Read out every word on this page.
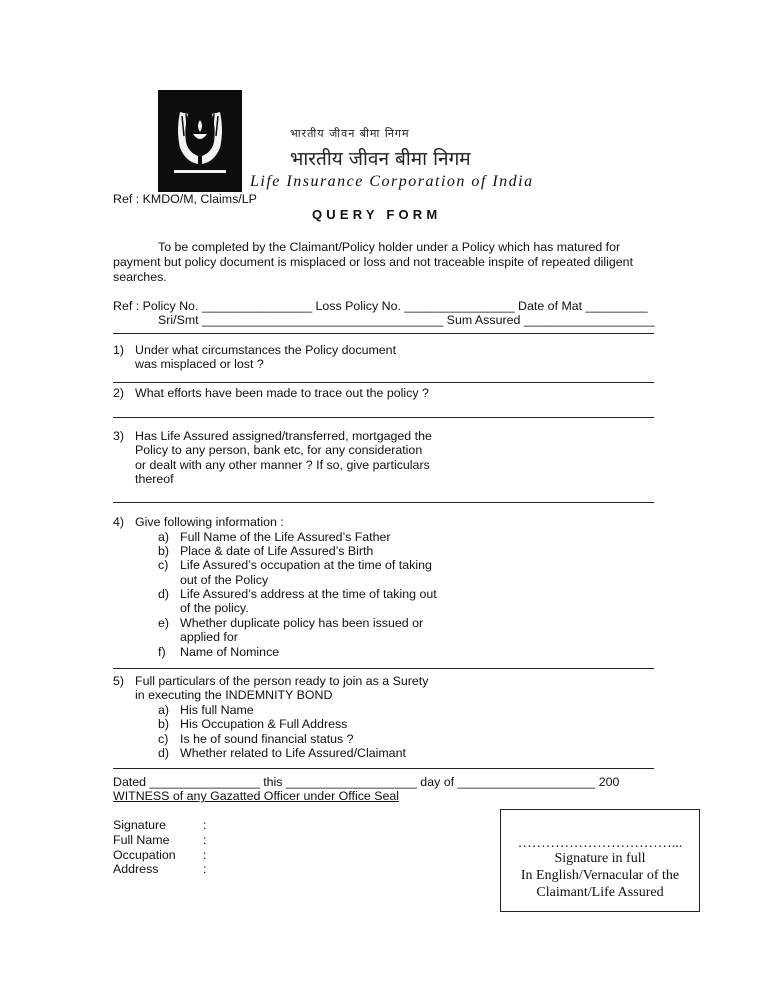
भारतीय जीवन बीमा निगम
भारतीय जीवन बीमा निगम
Life Insurance Corporation of India
Ref : KMDO/M, Claims/LP
QUERY FORM
To be completed by the Claimant/Policy holder under a Policy which has matured for
payment but policy document is misplaced or loss and not traceable inspite of repeated diligent
searches.
Ref : Policy No. ________________ Loss Policy No. ________________ Date of Mat _________
Sri/Smt ___________________________________ Sum Assured ___________________
1) Under what circumstances the Policy document
was misplaced or lost ?
2) What efforts have been made to trace out the policy ?
3) Has Life Assured assigned/transferred, mortgaged the
Policy to any person, bank etc, for any consideration
or dealt with any other manner ? If so, give particulars
thereof
4) Give following information :
a) Full Name of the Life Assured’s Father
b) Place & date of Life Assured’s Birth
c) Life Assured’s occupation at the time of taking
out of the Policy
d) Life Assured’s address at the time of taking out
of the policy.
e) Whether duplicate policy has been issued or
applied for
f) Name of Nomince
5) Full particulars of the person ready to join as a Surety
in executing the INDEMNITY BOND
a) His full Name
b) His Occupation & Full Address
c) Is he of sound financial status ?
d) Whether related to Life Assured/Claimant
Dated ________________ this ___________________ day of ____________________ 200
WITNESS of any Gazatted Officer under Office Seal
Signature	:
Full Name	:
Occupation :
Address	:
……………………………...
Signature in full
In English/Vernacular of the
Claimant/Life Assured
